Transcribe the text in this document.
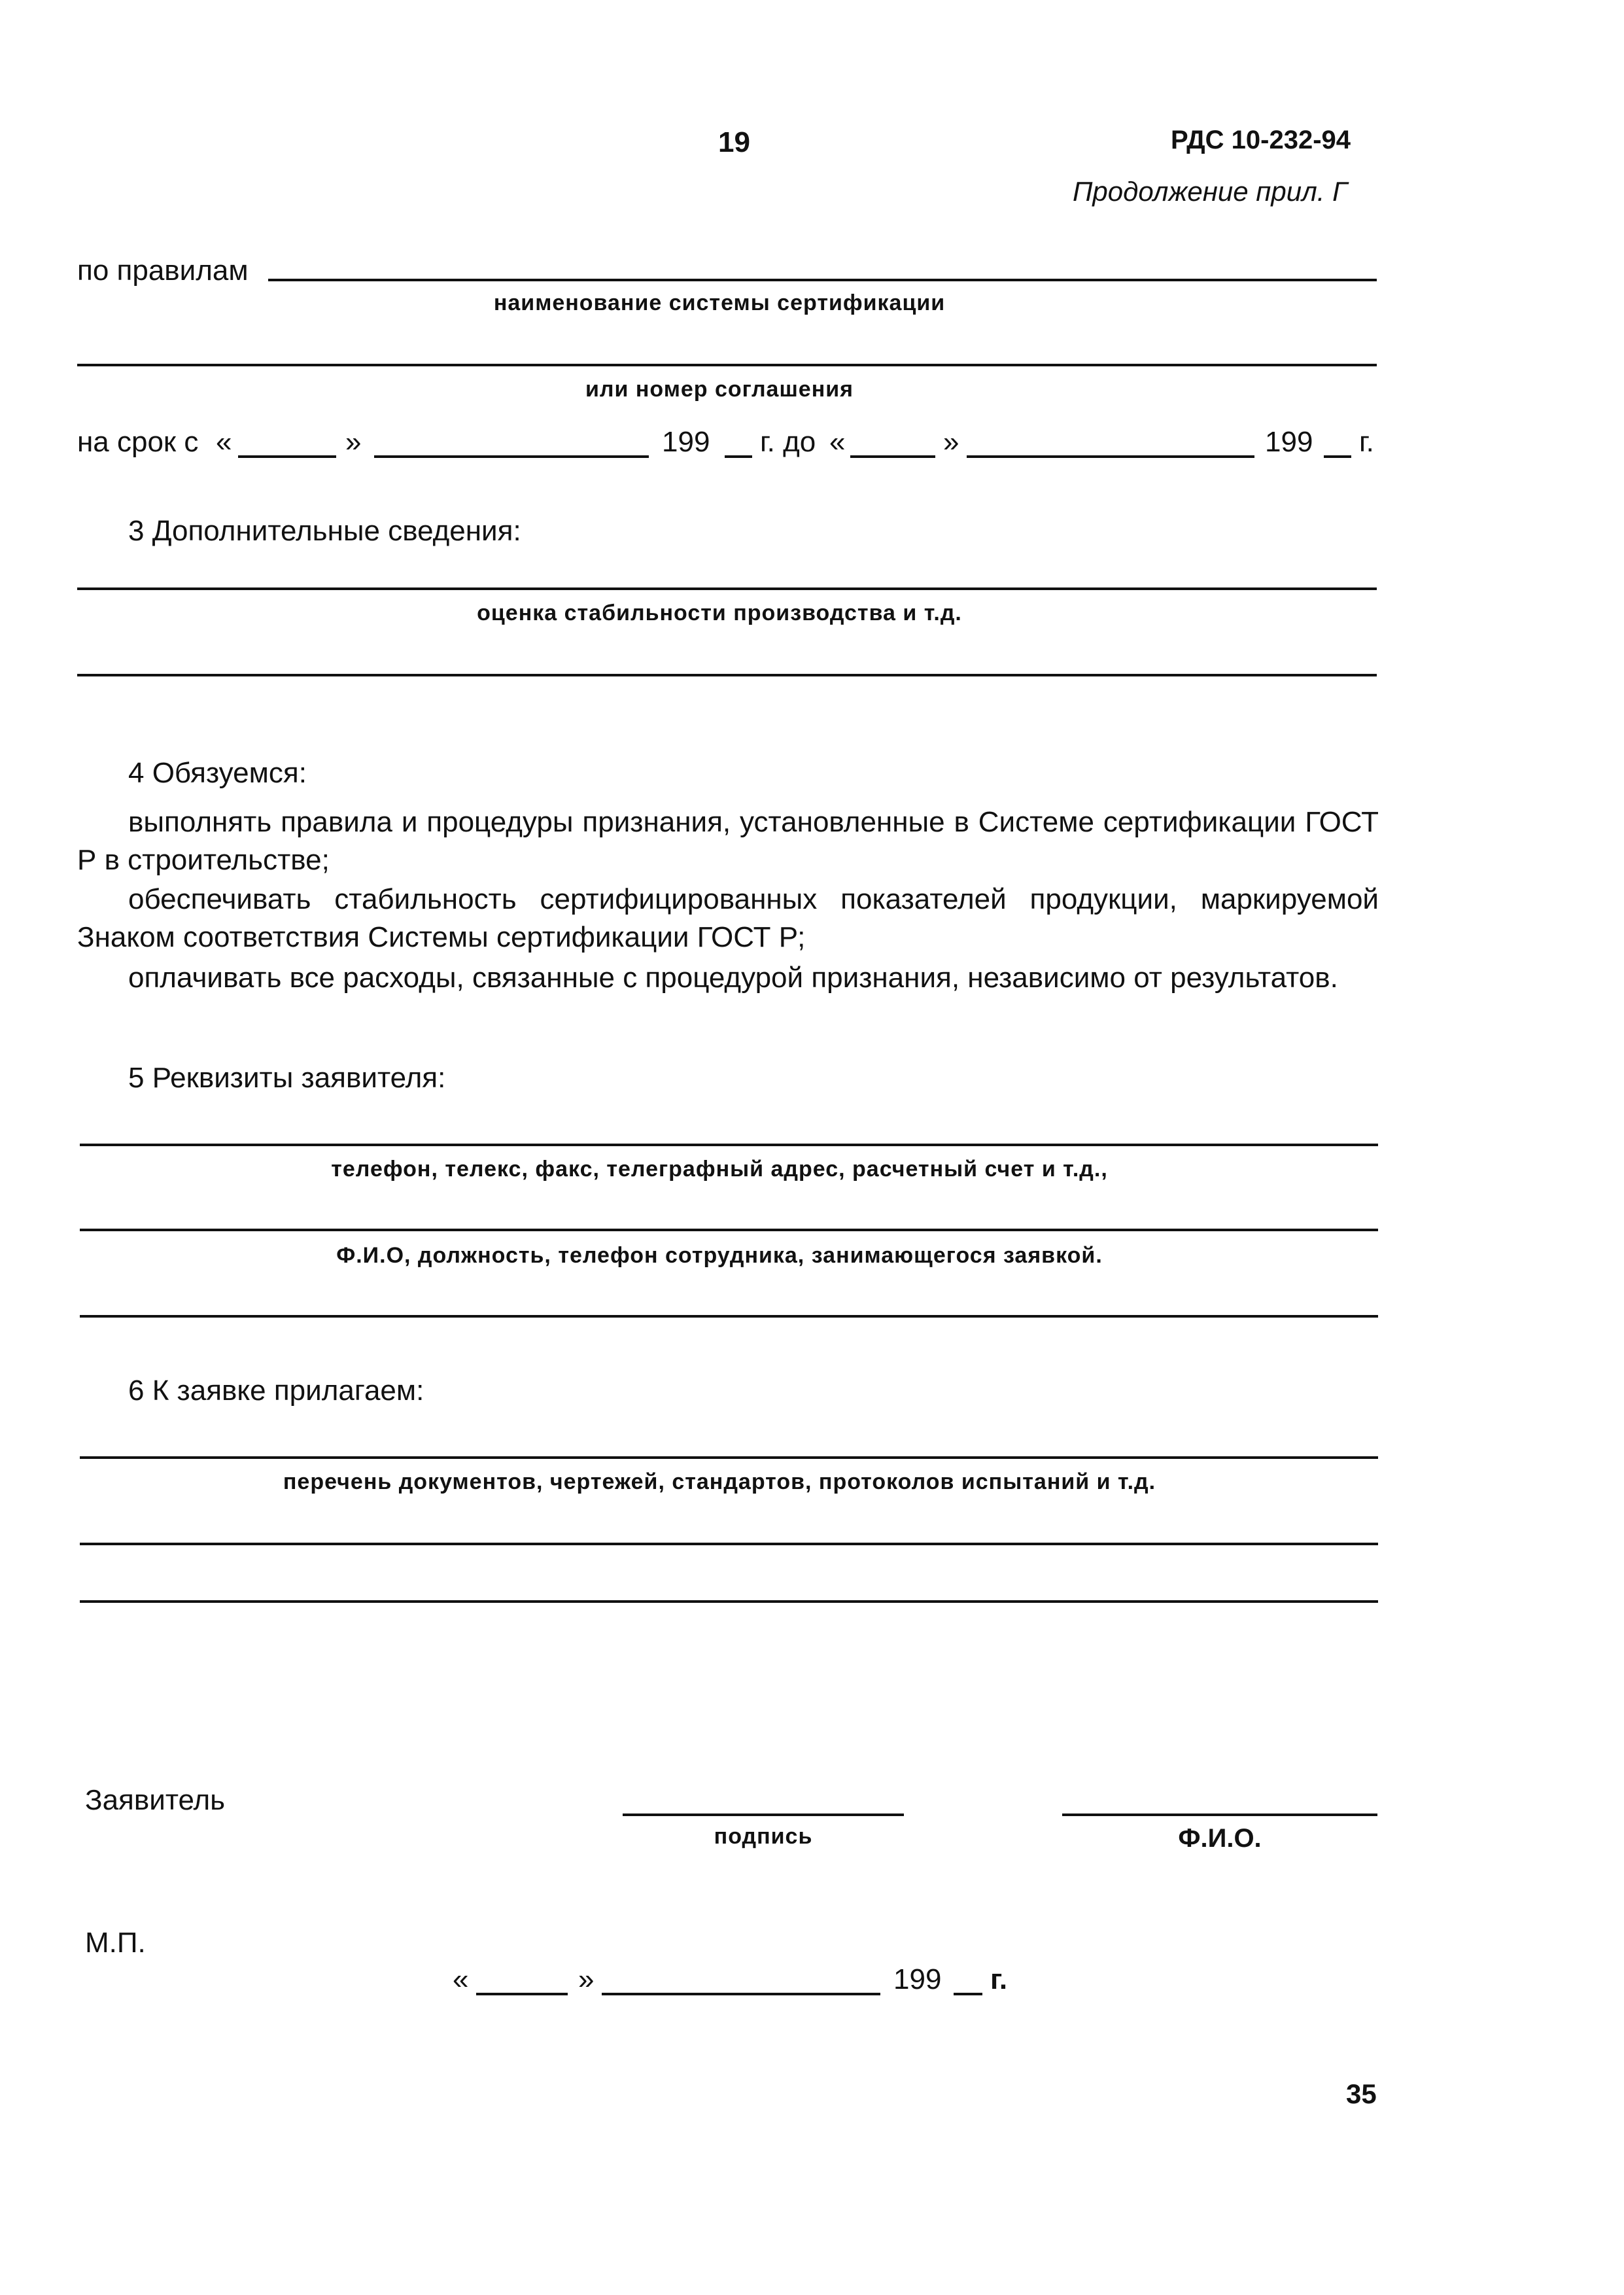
19	РДС 10-232-94
Продолжение прил. Г
по правилам
наименование системы сертификации
или номер соглашения
на срок с «	»	199 г. до «	»	199 г.
3 Дополнительные сведения:
оценка стабильности производства и т.д.
4 Обязуемся:
выполнять правила и процедуры признания, установленные в Системе сертификации ГОСТ Р в строительстве;
обеспечивать стабильность сертифицированных показателей продукции, маркируемой Знаком соответствия Системы сертификации ГОСТ Р;
оплачивать все расходы, связанные с процедурой признания, независимо от результатов.
5 Реквизиты заявителя:
телефон, телекс, факс, телеграфный адрес, расчетный счет и т.д.,
Ф.И.О, должность, телефон сотрудника, занимающегося заявкой.
6 К заявке прилагаем:
перечень документов, чертежей, стандартов, протоколов испытаний и т.д.
Заявитель
подпись	Ф.И.О.
М.П.
«	»	199 г.
35
